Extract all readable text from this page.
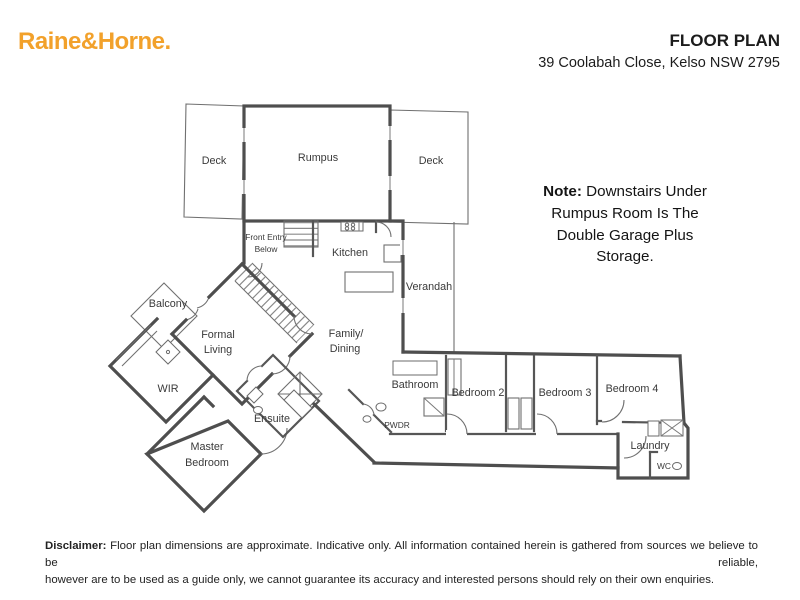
Raine&Horne.	FLOOR PLAN
39 Coolabah Close, Kelso NSW 2795
Deck	Rumpus	Deck
Front Entry
Below	Kitchen
Verandah
Balcony
Formal
Living
Family/
Dining
WIR	Bathroom
PWDR
Ensuite
Master
Bedroom
Bedroom 2	Bedroom 3 Bedroom 4
Laundry
WC
Note: Downstairs Under
Rumpus Room Is The
Double Garage Plus
Storage.
Disclaimer: Floor plan dimensions are approximate. Indicative only. All information contained herein is gathered from sources we believe to be reliable,
however are to be used as a guide only, we cannot guarantee its accuracy and interested persons should rely on their own enquiries.
